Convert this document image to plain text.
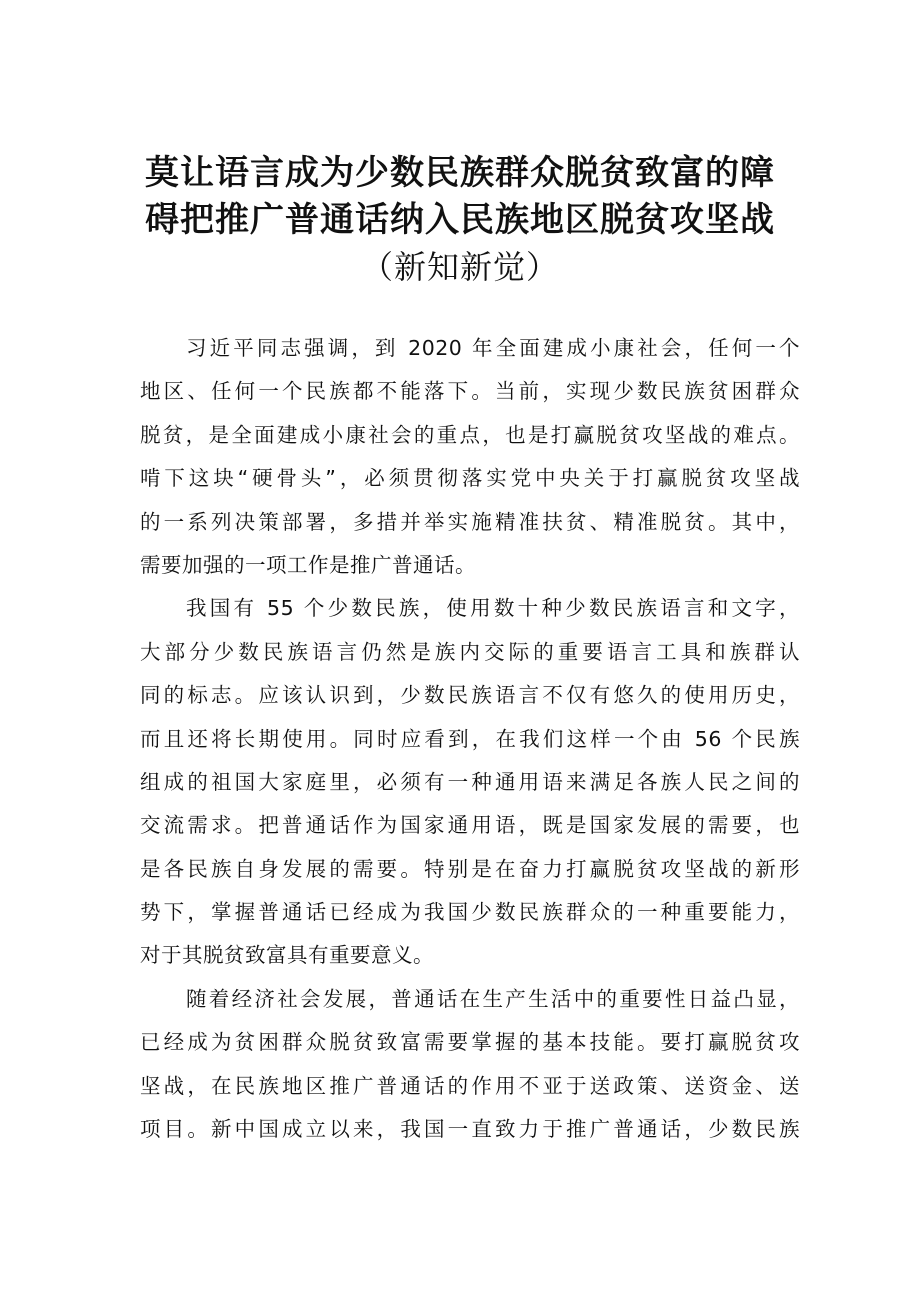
莫让语言成为少数民族群众脱贫致富的障
碍把推广普通话纳入民族地区脱贫攻坚战
（新知新觉）
习近平同志强调，到 2020 年全面建成小康社会，任何一个
地区、任何一个民族都不能落下。当前，实现少数民族贫困群众
脱贫，是全面建成小康社会的重点，也是打赢脱贫攻坚战的难点。
啃下这块“硬骨头”，必须贯彻落实党中央关于打赢脱贫攻坚战
的一系列决策部署，多措并举实施精准扶贫、精准脱贫。其中，
需要加强的一项工作是推广普通话。
我国有 55 个少数民族，使用数十种少数民族语言和文字，
大部分少数民族语言仍然是族内交际的重要语言工具和族群认
同的标志。应该认识到，少数民族语言不仅有悠久的使用历史，
而且还将长期使用。同时应看到，在我们这样一个由 56 个民族
组成的祖国大家庭里，必须有一种通用语来满足各族人民之间的
交流需求。把普通话作为国家通用语，既是国家发展的需要，也
是各民族自身发展的需要。特别是在奋力打赢脱贫攻坚战的新形
势下，掌握普通话已经成为我国少数民族群众的一种重要能力，
对于其脱贫致富具有重要意义。
随着经济社会发展，普通话在生产生活中的重要性日益凸显，
已经成为贫困群众脱贫致富需要掌握的基本技能。要打赢脱贫攻
坚战，在民族地区推广普通话的作用不亚于送政策、送资金、送
项目。新中国成立以来，我国一直致力于推广普通话，少数民族
